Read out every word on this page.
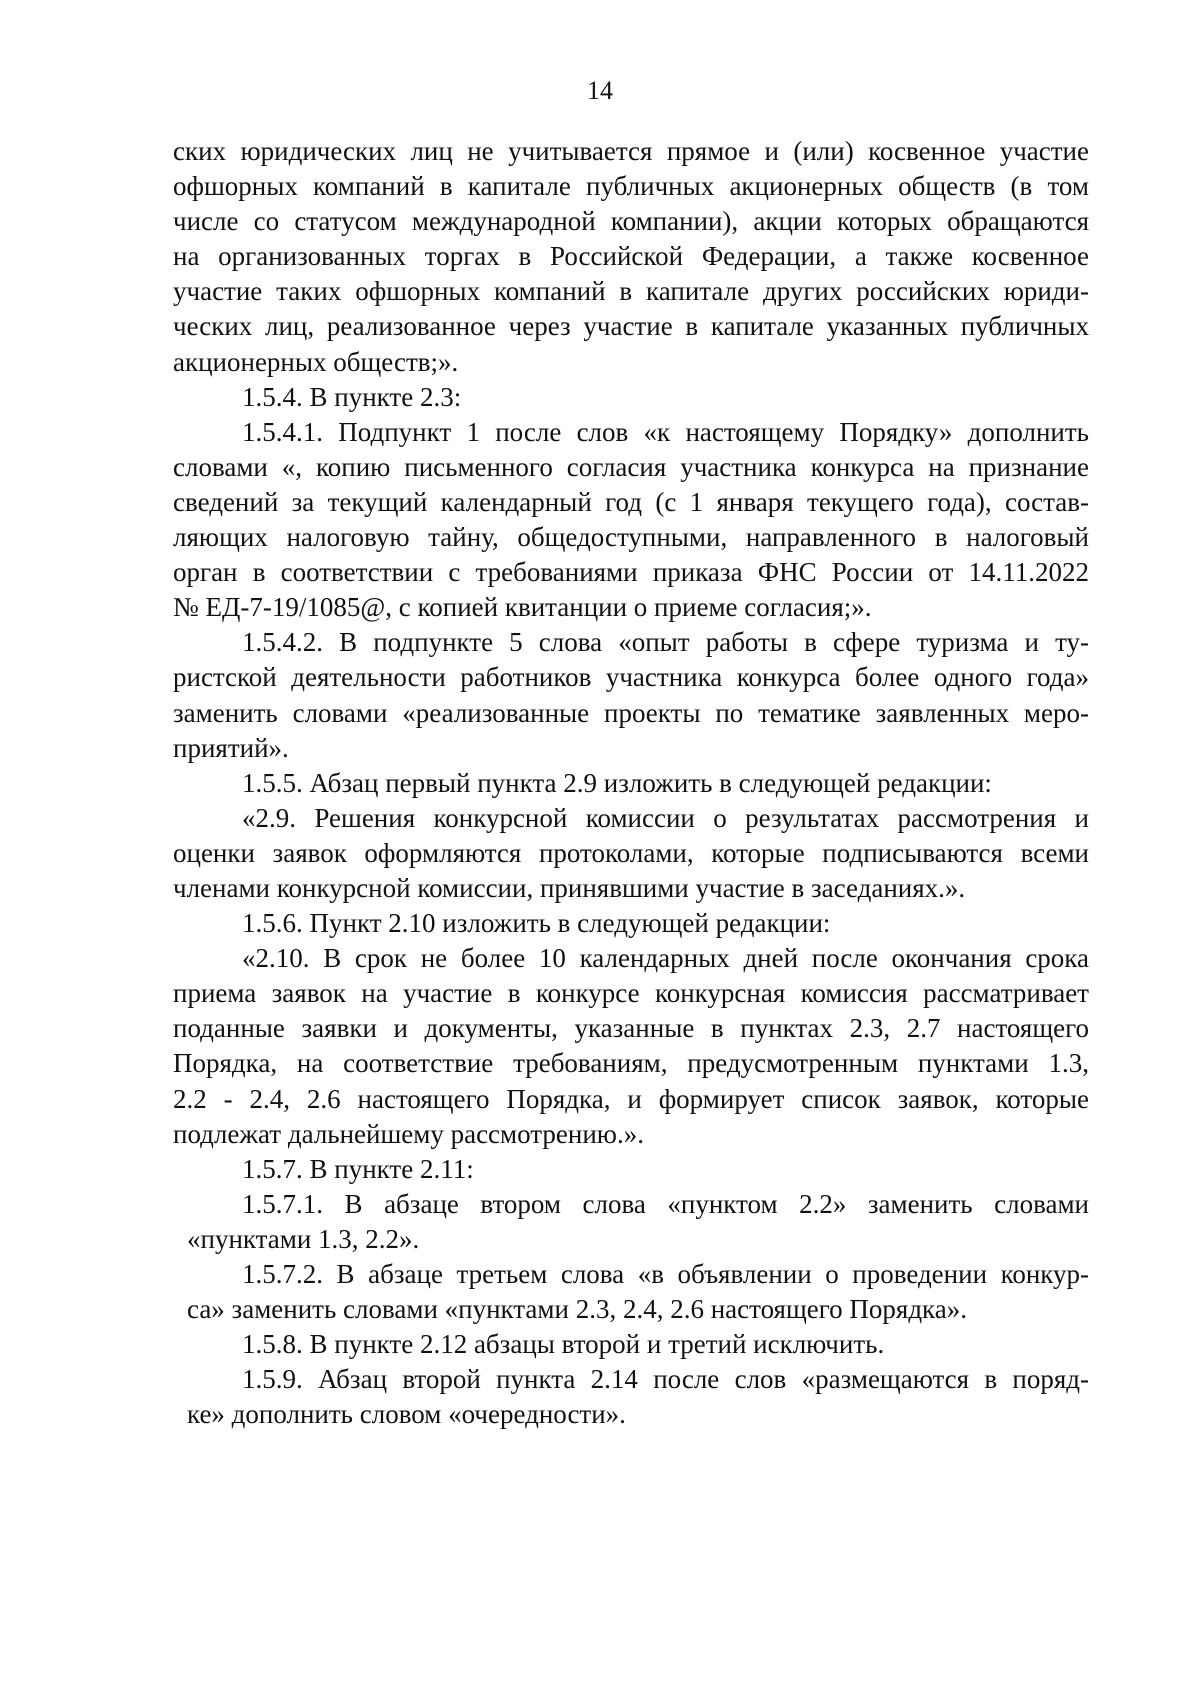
14
ских юридических лиц не учитывается прямое и (или) косвенное участие
офшорных компаний в капитале публичных акционерных обществ (в том
числе со статусом международной компании), акции которых обращаются
на организованных торгах в Российской Федерации, а также косвенное
участие таких офшорных компаний в капитале других российских юриди-
ческих лиц, реализованное через участие в капитале указанных публичных
акционерных обществ;».
1.5.4. В пункте 2.3:
1.5.4.1. Подпункт 1 после слов «к настоящему Порядку» дополнить
словами «, копию письменного согласия участника конкурса на признание
сведений за текущий календарный год (с 1 января текущего года), состав-
ляющих налоговую тайну, общедоступными, направленного в налоговый
орган в соответствии с требованиями приказа ФНС России от 14.11.2022
№ ЕД-7-19/1085@, с копией квитанции о приеме согласия;».
1.5.4.2. В подпункте 5 слова «опыт работы в сфере туризма и ту-
ристской деятельности работников участника конкурса более одного года»
заменить словами «реализованные проекты по тематике заявленных меро-
приятий».
1.5.5. Абзац первый пункта 2.9 изложить в следующей редакции:
«2.9. Решения конкурсной комиссии о результатах рассмотрения и
оценки заявок оформляются протоколами, которые подписываются всеми
членами конкурсной комиссии, принявшими участие в заседаниях.».
1.5.6. Пункт 2.10 изложить в следующей редакции:
«2.10. В срок не более 10 календарных дней после окончания срока
приема заявок на участие в конкурсе конкурсная комиссия рассматривает
поданные заявки и документы, указанные в пунктах 2.3, 2.7 настоящего
Порядка, на соответствие требованиям, предусмотренным пунктами 1.3,
2.2 - 2.4, 2.6 настоящего Порядка, и формирует список заявок, которые
подлежат дальнейшему рассмотрению.».
1.5.7. В пункте 2.11:
1.5.7.1. В абзаце втором слова «пунктом 2.2» заменить словами
«пунктами 1.3, 2.2».
1.5.7.2. В абзаце третьем слова «в объявлении о проведении конкур-
са» заменить словами «пунктами 2.3, 2.4, 2.6 настоящего Порядка».
1.5.8. В пункте 2.12 абзацы второй и третий исключить.
1.5.9. Абзац второй пункта 2.14 после слов «размещаются в поряд-
ке» дополнить словом «очередности».
